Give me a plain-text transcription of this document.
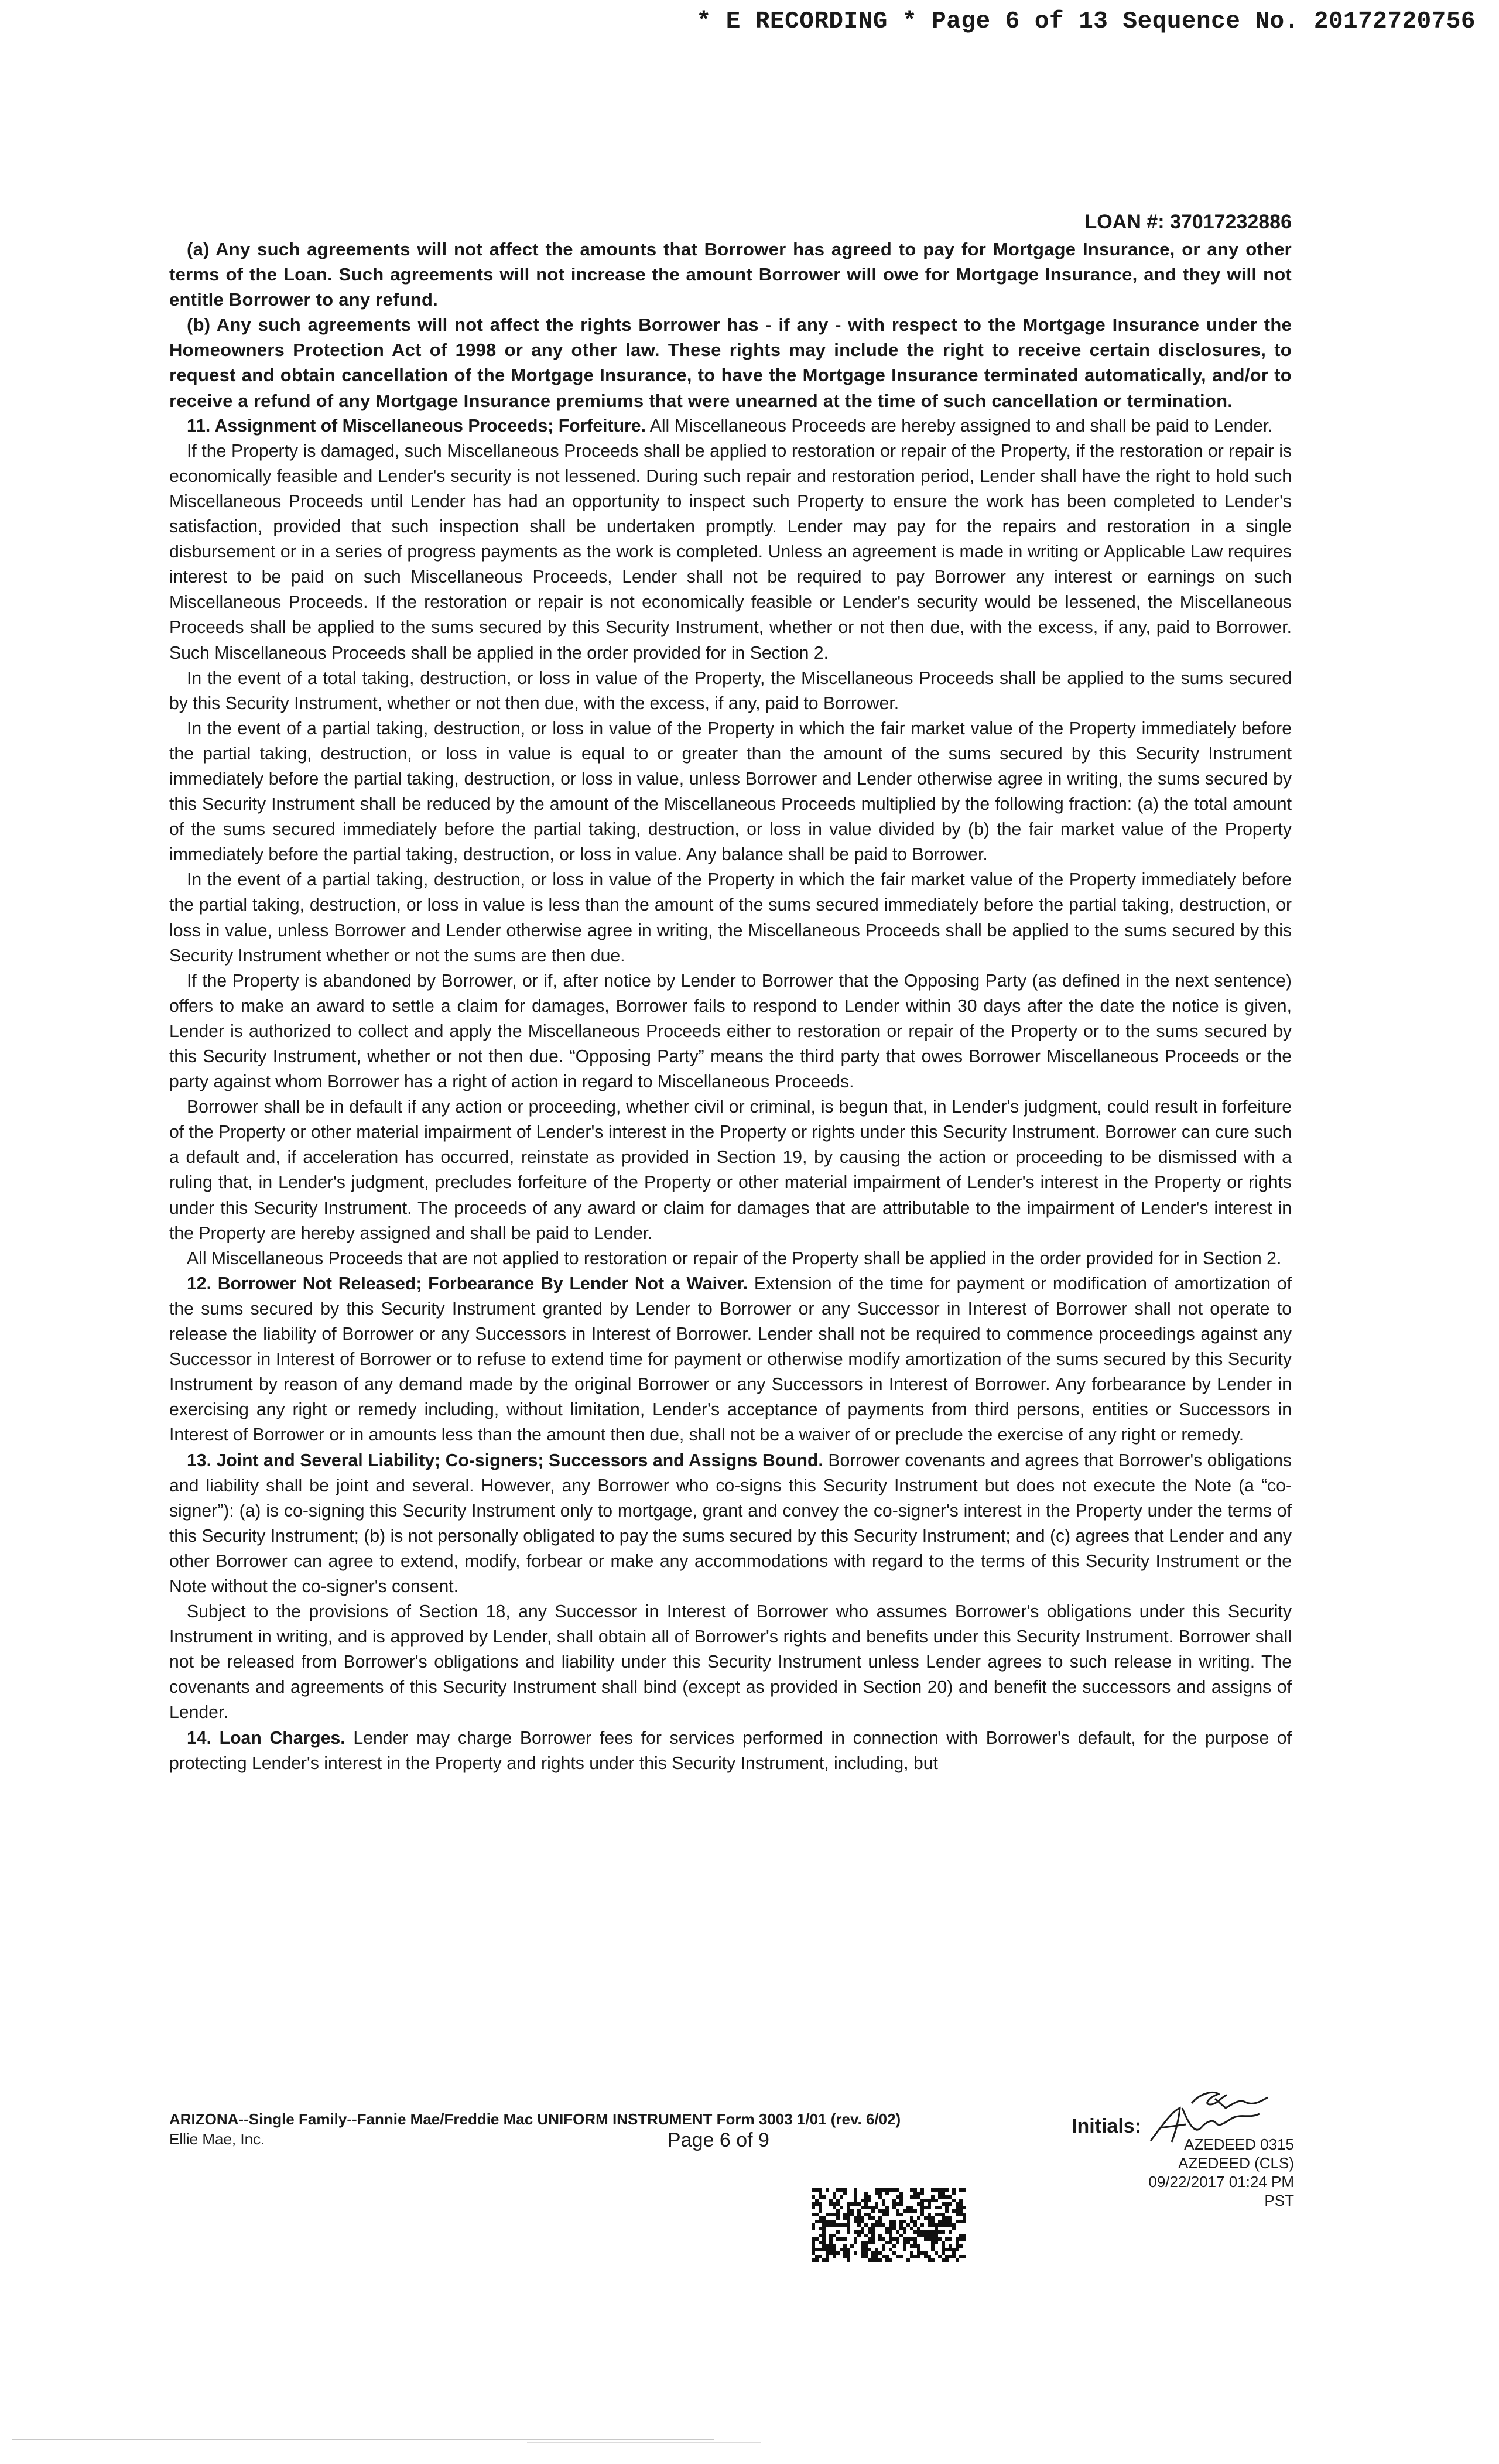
* E RECORDING * Page 6 of 13 Sequence No. 20172720756
LOAN #: 37017232886

(a) Any such agreements will not affect the amounts that Borrower has agreed to pay for Mortgage Insurance, or any other terms of the Loan. Such agreements will not increase the amount Borrower will owe for Mortgage Insurance, and they will not entitle Borrower to any refund.

(b) Any such agreements will not affect the rights Borrower has - if any - with respect to the Mortgage Insurance under the Homeowners Protection Act of 1998 or any other law. These rights may include the right to receive certain disclosures, to request and obtain cancellation of the Mortgage Insurance, to have the Mortgage Insurance terminated automatically, and/or to receive a refund of any Mortgage Insurance premiums that were unearned at the time of such cancellation or termination.

11. Assignment of Miscellaneous Proceeds; Forfeiture. All Miscellaneous Proceeds are hereby assigned to and shall be paid to Lender.

If the Property is damaged, such Miscellaneous Proceeds shall be applied to restoration or repair of the Property, if the restoration or repair is economically feasible and Lender's security is not lessened. During such repair and restoration period, Lender shall have the right to hold such Miscellaneous Proceeds until Lender has had an opportunity to inspect such Property to ensure the work has been completed to Lender's satisfaction, provided that such inspection shall be undertaken promptly. Lender may pay for the repairs and restoration in a single disbursement or in a series of progress payments as the work is completed. Unless an agreement is made in writing or Applicable Law requires interest to be paid on such Miscellaneous Proceeds, Lender shall not be required to pay Borrower any interest or earnings on such Miscellaneous Proceeds. If the restoration or repair is not economically feasible or Lender's security would be lessened, the Miscellaneous Proceeds shall be applied to the sums secured by this Security Instrument, whether or not then due, with the excess, if any, paid to Borrower. Such Miscellaneous Proceeds shall be applied in the order provided for in Section 2.

In the event of a total taking, destruction, or loss in value of the Property, the Miscellaneous Proceeds shall be applied to the sums secured by this Security Instrument, whether or not then due, with the excess, if any, paid to Borrower.

In the event of a partial taking, destruction, or loss in value of the Property in which the fair market value of the Property immediately before the partial taking, destruction, or loss in value is equal to or greater than the amount of the sums secured by this Security Instrument immediately before the partial taking, destruction, or loss in value, unless Borrower and Lender otherwise agree in writing, the sums secured by this Security Instrument shall be reduced by the amount of the Miscellaneous Proceeds multiplied by the following fraction: (a) the total amount of the sums secured immediately before the partial taking, destruction, or loss in value divided by (b) the fair market value of the Property immediately before the partial taking, destruction, or loss in value. Any balance shall be paid to Borrower.

In the event of a partial taking, destruction, or loss in value of the Property in which the fair market value of the Property immediately before the partial taking, destruction, or loss in value is less than the amount of the sums secured immediately before the partial taking, destruction, or loss in value, unless Borrower and Lender otherwise agree in writing, the Miscellaneous Proceeds shall be applied to the sums secured by this Security Instrument whether or not the sums are then due.

If the Property is abandoned by Borrower, or if, after notice by Lender to Borrower that the Opposing Party (as defined in the next sentence) offers to make an award to settle a claim for damages, Borrower fails to respond to Lender within 30 days after the date the notice is given, Lender is authorized to collect and apply the Miscellaneous Proceeds either to restoration or repair of the Property or to the sums secured by this Security Instrument, whether or not then due. “Opposing Party” means the third party that owes Borrower Miscellaneous Proceeds or the party against whom Borrower has a right of action in regard to Miscellaneous Proceeds.

Borrower shall be in default if any action or proceeding, whether civil or criminal, is begun that, in Lender's judgment, could result in forfeiture of the Property or other material impairment of Lender's interest in the Property or rights under this Security Instrument. Borrower can cure such a default and, if acceleration has occurred, reinstate as provided in Section 19, by causing the action or proceeding to be dismissed with a ruling that, in Lender's judgment, precludes forfeiture of the Property or other material impairment of Lender's interest in the Property or rights under this Security Instrument. The proceeds of any award or claim for damages that are attributable to the impairment of Lender's interest in the Property are hereby assigned and shall be paid to Lender.

All Miscellaneous Proceeds that are not applied to restoration or repair of the Property shall be applied in the order provided for in Section 2.

12. Borrower Not Released; Forbearance By Lender Not a Waiver. Extension of the time for payment or modification of amortization of the sums secured by this Security Instrument granted by Lender to Borrower or any Successor in Interest of Borrower shall not operate to release the liability of Borrower or any Successors in Interest of Borrower. Lender shall not be required to commence proceedings against any Successor in Interest of Borrower or to refuse to extend time for payment or otherwise modify amortization of the sums secured by this Security Instrument by reason of any demand made by the original Borrower or any Successors in Interest of Borrower. Any forbearance by Lender in exercising any right or remedy including, without limitation, Lender's acceptance of payments from third persons, entities or Successors in Interest of Borrower or in amounts less than the amount then due, shall not be a waiver of or preclude the exercise of any right or remedy.

13. Joint and Several Liability; Co-signers; Successors and Assigns Bound. Borrower covenants and agrees that Borrower's obligations and liability shall be joint and several. However, any Borrower who co-signs this Security Instrument but does not execute the Note (a “co-signer”): (a) is co-signing this Security Instrument only to mortgage, grant and convey the co-signer's interest in the Property under the terms of this Security Instrument; (b) is not personally obligated to pay the sums secured by this Security Instrument; and (c) agrees that Lender and any other Borrower can agree to extend, modify, forbear or make any accommodations with regard to the terms of this Security Instrument or the Note without the co-signer's consent.

Subject to the provisions of Section 18, any Successor in Interest of Borrower who assumes Borrower's obligations under this Security Instrument in writing, and is approved by Lender, shall obtain all of Borrower's rights and benefits under this Security Instrument. Borrower shall not be released from Borrower's obligations and liability under this Security Instrument unless Lender agrees to such release in writing. The covenants and agreements of this Security Instrument shall bind (except as provided in Section 20) and benefit the successors and assigns of Lender.

14. Loan Charges. Lender may charge Borrower fees for services performed in connection with Borrower's default, for the purpose of protecting Lender's interest in the Property and rights under this Security Instrument, including, but

ARIZONA--Single Family--Fannie Mae/Freddie Mac UNIFORM INSTRUMENT Form 3003 1/01 (rev. 6/02)
Ellie Mae, Inc.	Page 6 of 9
Initials:
AZEDEED 0315
AZEDEED (CLS)
09/22/2017 01:24 PM PST
